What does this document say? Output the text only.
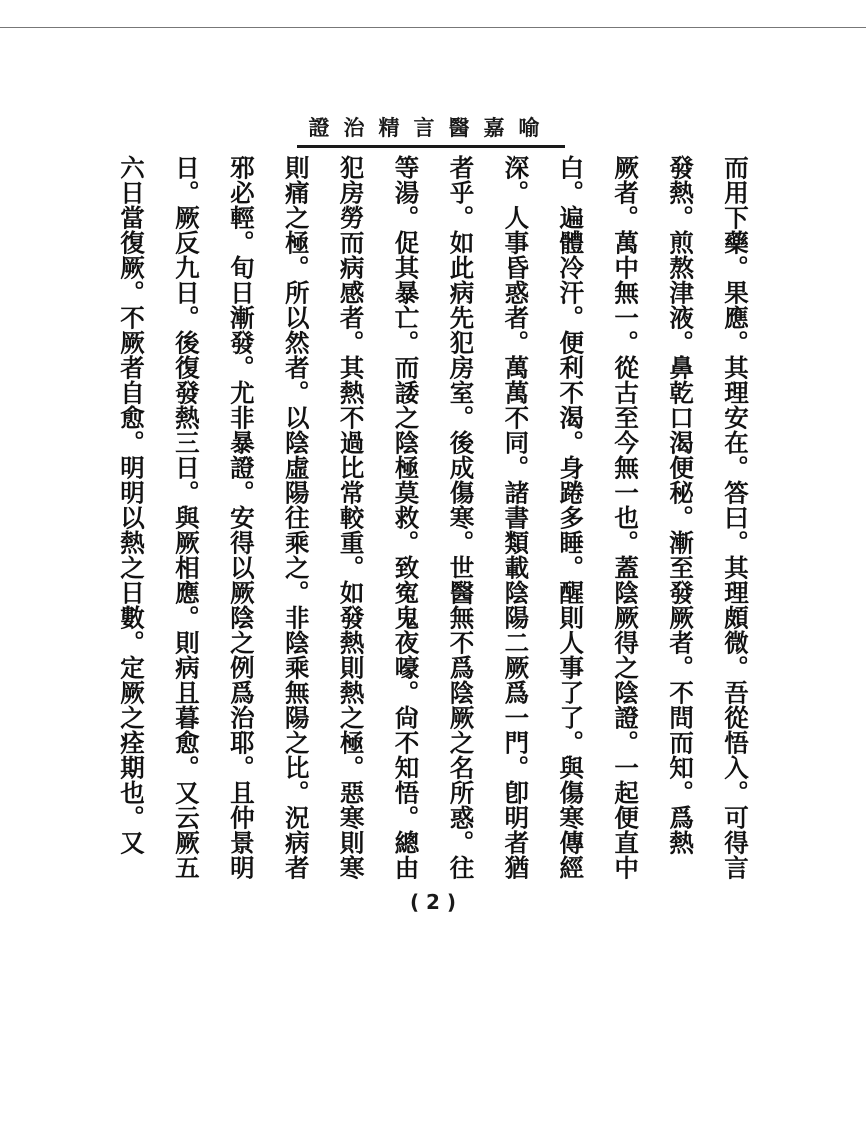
證治精言醫嘉喻
而用下藥。果應。其理安在。答曰。其理頗微。吾從悟入。可得言
發熱。煎熬津液。鼻乾口渴便秘。漸至發厥者。不問而知。爲熱
厥者。萬中無一。從古至今無一也。蓋陰厥得之陰證。一起便直中
白。遍體冷汗。便利不渴。身踡多睡。醒則人事了了。與傷寒傳經
深。人事昏惑者。萬萬不同。諸書類載陰陽二厥爲一門。卽明者猶
者乎。如此病先犯房室。後成傷寒。世醫無不爲陰厥之名所惑。往
等湯。促其暴亡。而諉之陰極莫救。致寃鬼夜嚎。尙不知悟。總由
犯房勞而病感者。其熱不過比常較重。如發熱則熱之極。惡寒則寒
則痛之極。所以然者。以陰虛陽往乘之。非陰乘無陽之比。況病者
邪必輕。旬日漸發。尤非暴證。安得以厥陰之例爲治耶。且仲景明
日。厥反九日。後復發熱三日。與厥相應。則病且暮愈。又云厥五
六日當復厥。不厥者自愈。明明以熱之日數。定厥之痊期也。又
( 2 )
